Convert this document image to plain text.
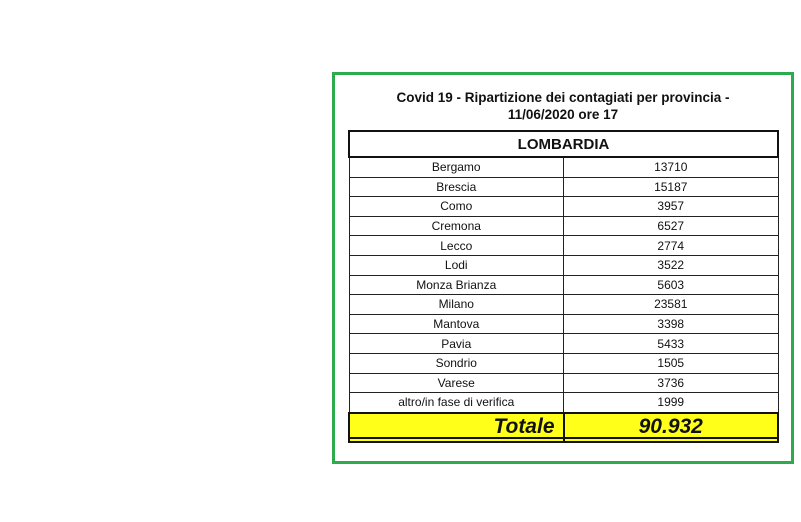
Covid 19 - Ripartizione dei contagiati per provincia -
11/06/2020 ore 17
LOMBARDIA	
Bergamo	13710
Brescia	15187
Como	3957
Cremona	6527
Lecco	2774
Lodi	3522
Monza Brianza	5603
Milano	23581
Mantova	3398
Pavia	5433
Sondrio	1505
Varese	3736
altro/in fase di verifica	1999
Totale	90.932
